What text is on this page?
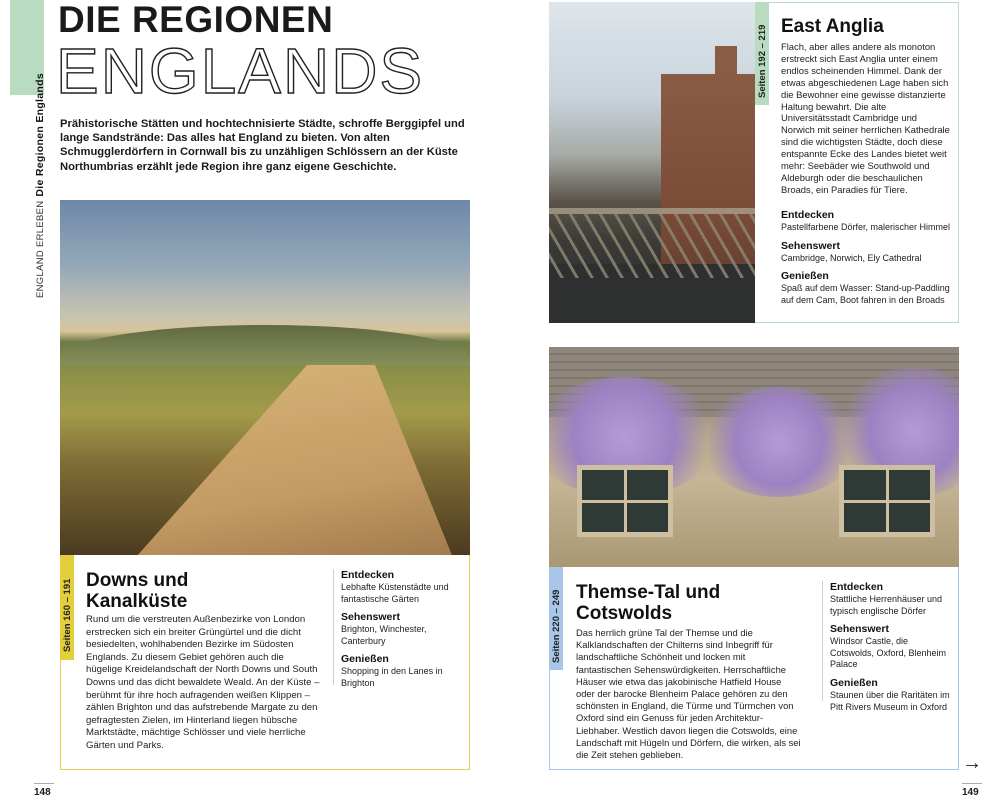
ENGLAND ERLEBENDie Regionen Englands
DIE REGIONEN
ENGLANDS

Prähistorische Stätten und hochtechnisierte Städte, schroffe Berggipfel und lange Sandstrände: Das alles hat England zu bieten. Von alten Schmugglerdörfern in Cornwall bis zu unzähligen Schlössern an der Küste Northumbrias erzählt jede Region ihre ganz eigene Geschichte.

Seiten 160 – 191 Downs und Kanalküste

Rund um die verstreuten Außenbezirke von London erstrecken sich ein breiter Grüngürtel und die dicht besiedelten, wohlhabenden Bezirke im Südosten Englands. Zu diesem Gebiet gehören auch die hügelige Kreidelandschaft der North Downs und South Downs und das dicht bewaldete Weald. An der Küste – berühmt für ihre hoch aufragenden weißen Klippen – zählen Brighton und das aufstrebende Margate zu den gefragtesten Zielen, im Hinterland liegen hübsche Marktstädte, mächtige Schlösser und viele herrliche Gärten und Parks.

Entdecken
Lebhafte Küstenstädte und fantastische Gärten
Sehenswert
Brighton, Winchester, Canterbury
Genießen
Shopping in den Lanes in Brighton
148
Seiten 192 – 219 East Anglia

Flach, aber alles andere als monoton erstreckt sich East Anglia unter einem endlos scheinenden Himmel. Dank der etwas abgeschiedenen Lage haben sich die Bewohner eine gewisse distanzierte Haltung bewahrt. Die alte Universitätsstadt Cambridge und Norwich mit seiner herrlichen Kathedrale sind die wichtigsten Städte, doch diese entspannte Ecke des Landes bietet weit mehr: Seebäder wie Southwold und Aldeburgh oder die beschaulichen Broads, ein Paradies für Tiere.

Entdecken
Pastellfarbene Dörfer, malerischer Himmel
Sehenswert
Cambridge, Norwich, Ely Cathedral
Genießen
Spaß auf dem Wasser: Stand-up-Paddling auf dem Cam, Boot fahren in den Broads
Seiten 220 – 249 Themse-Tal und Cotswolds

Das herrlich grüne Tal der Themse und die Kalklandschaften der Chilterns sind Inbegriff für landschaftliche Schönheit und locken mit fantastischen Sehenswürdigkeiten. Herrschaftliche Häuser wie etwa das jakobinische Hatfield House oder der barocke Blenheim Palace gehören zu den schönsten in England, die Türme und Türmchen von Oxford sind ein Genuss für jeden Architektur-Liebhaber. Westlich davon liegen die Cotswolds, eine Landschaft mit Hügeln und Dörfern, die wirken, als sei die Zeit stehen geblieben.

Entdecken
Stattliche Herrenhäuser und typisch englische Dörfer
Sehenswert
Windsor Castle, die Cotswolds, Oxford, Blenheim Palace
Genießen
Staunen über die Raritäten im Pitt Rivers Museum in Oxford
→
149
